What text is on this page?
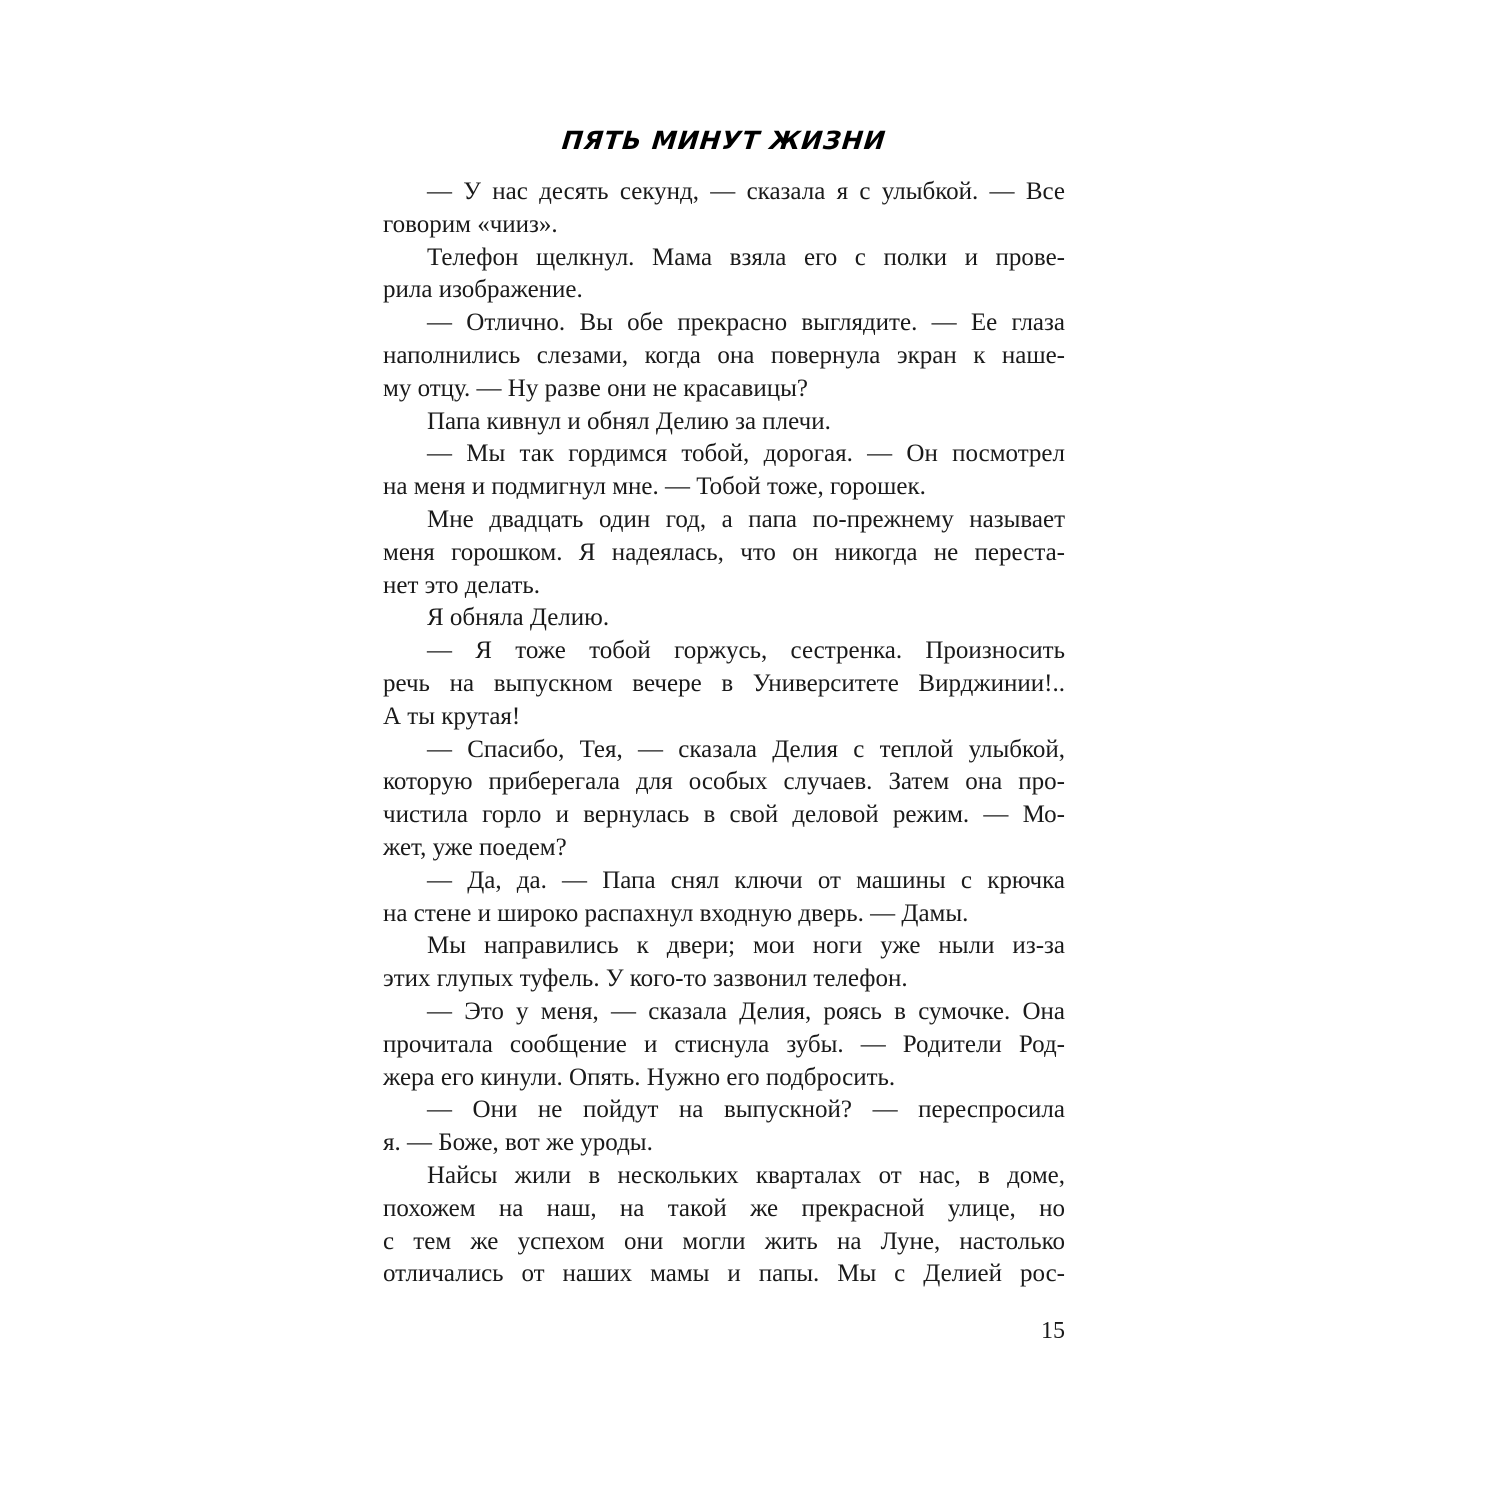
ПЯТЬ МИНУТ ЖИЗНИ
— У нас десять секунд, — сказала я с улыбкой. — Все
говорим «чииз».
Телефон щелкнул. Мама взяла его с полки и прове-
рила изображение.
— Отлично. Вы обе прекрасно выглядите. — Ее глаза
наполнились слезами, когда она повернула экран к наше-
му отцу. — Ну разве они не красавицы?
Папа кивнул и обнял Делию за плечи.
— Мы так гордимся тобой, дорогая. — Он посмотрел
на меня и подмигнул мне. — Тобой тоже, горошек.
Мне двадцать один год, а папа по-прежнему называет
меня горошком. Я надеялась, что он никогда не переста-
нет это делать.
Я обняла Делию.
— Я тоже тобой горжусь, сестренка. Произносить
речь на выпускном вечере в Университете Вирджинии!..
А ты крутая!
— Спасибо, Тея, — сказала Делия с теплой улыбкой,
которую приберегала для особых случаев. Затем она про-
чистила горло и вернулась в свой деловой режим. — Мо-
жет, уже поедем?
— Да, да. — Папа снял ключи от машины с крючка
на стене и широко распахнул входную дверь. — Дамы.
Мы направились к двери; мои ноги уже ныли из-за
этих глупых туфель. У кого-то зазвонил телефон.
— Это у меня, — сказала Делия, роясь в сумочке. Она
прочитала сообщение и стиснула зубы. — Родители Род-
жера его кинули. Опять. Нужно его подбросить.
— Они не пойдут на выпускной? — переспросила
я. — Боже, вот же уроды.
Найсы жили в нескольких кварталах от нас, в доме,
похожем на наш, на такой же прекрасной улице, но
с тем же успехом они могли жить на Луне, настолько
отличались от наших мамы и папы. Мы с Делией рос-
15
